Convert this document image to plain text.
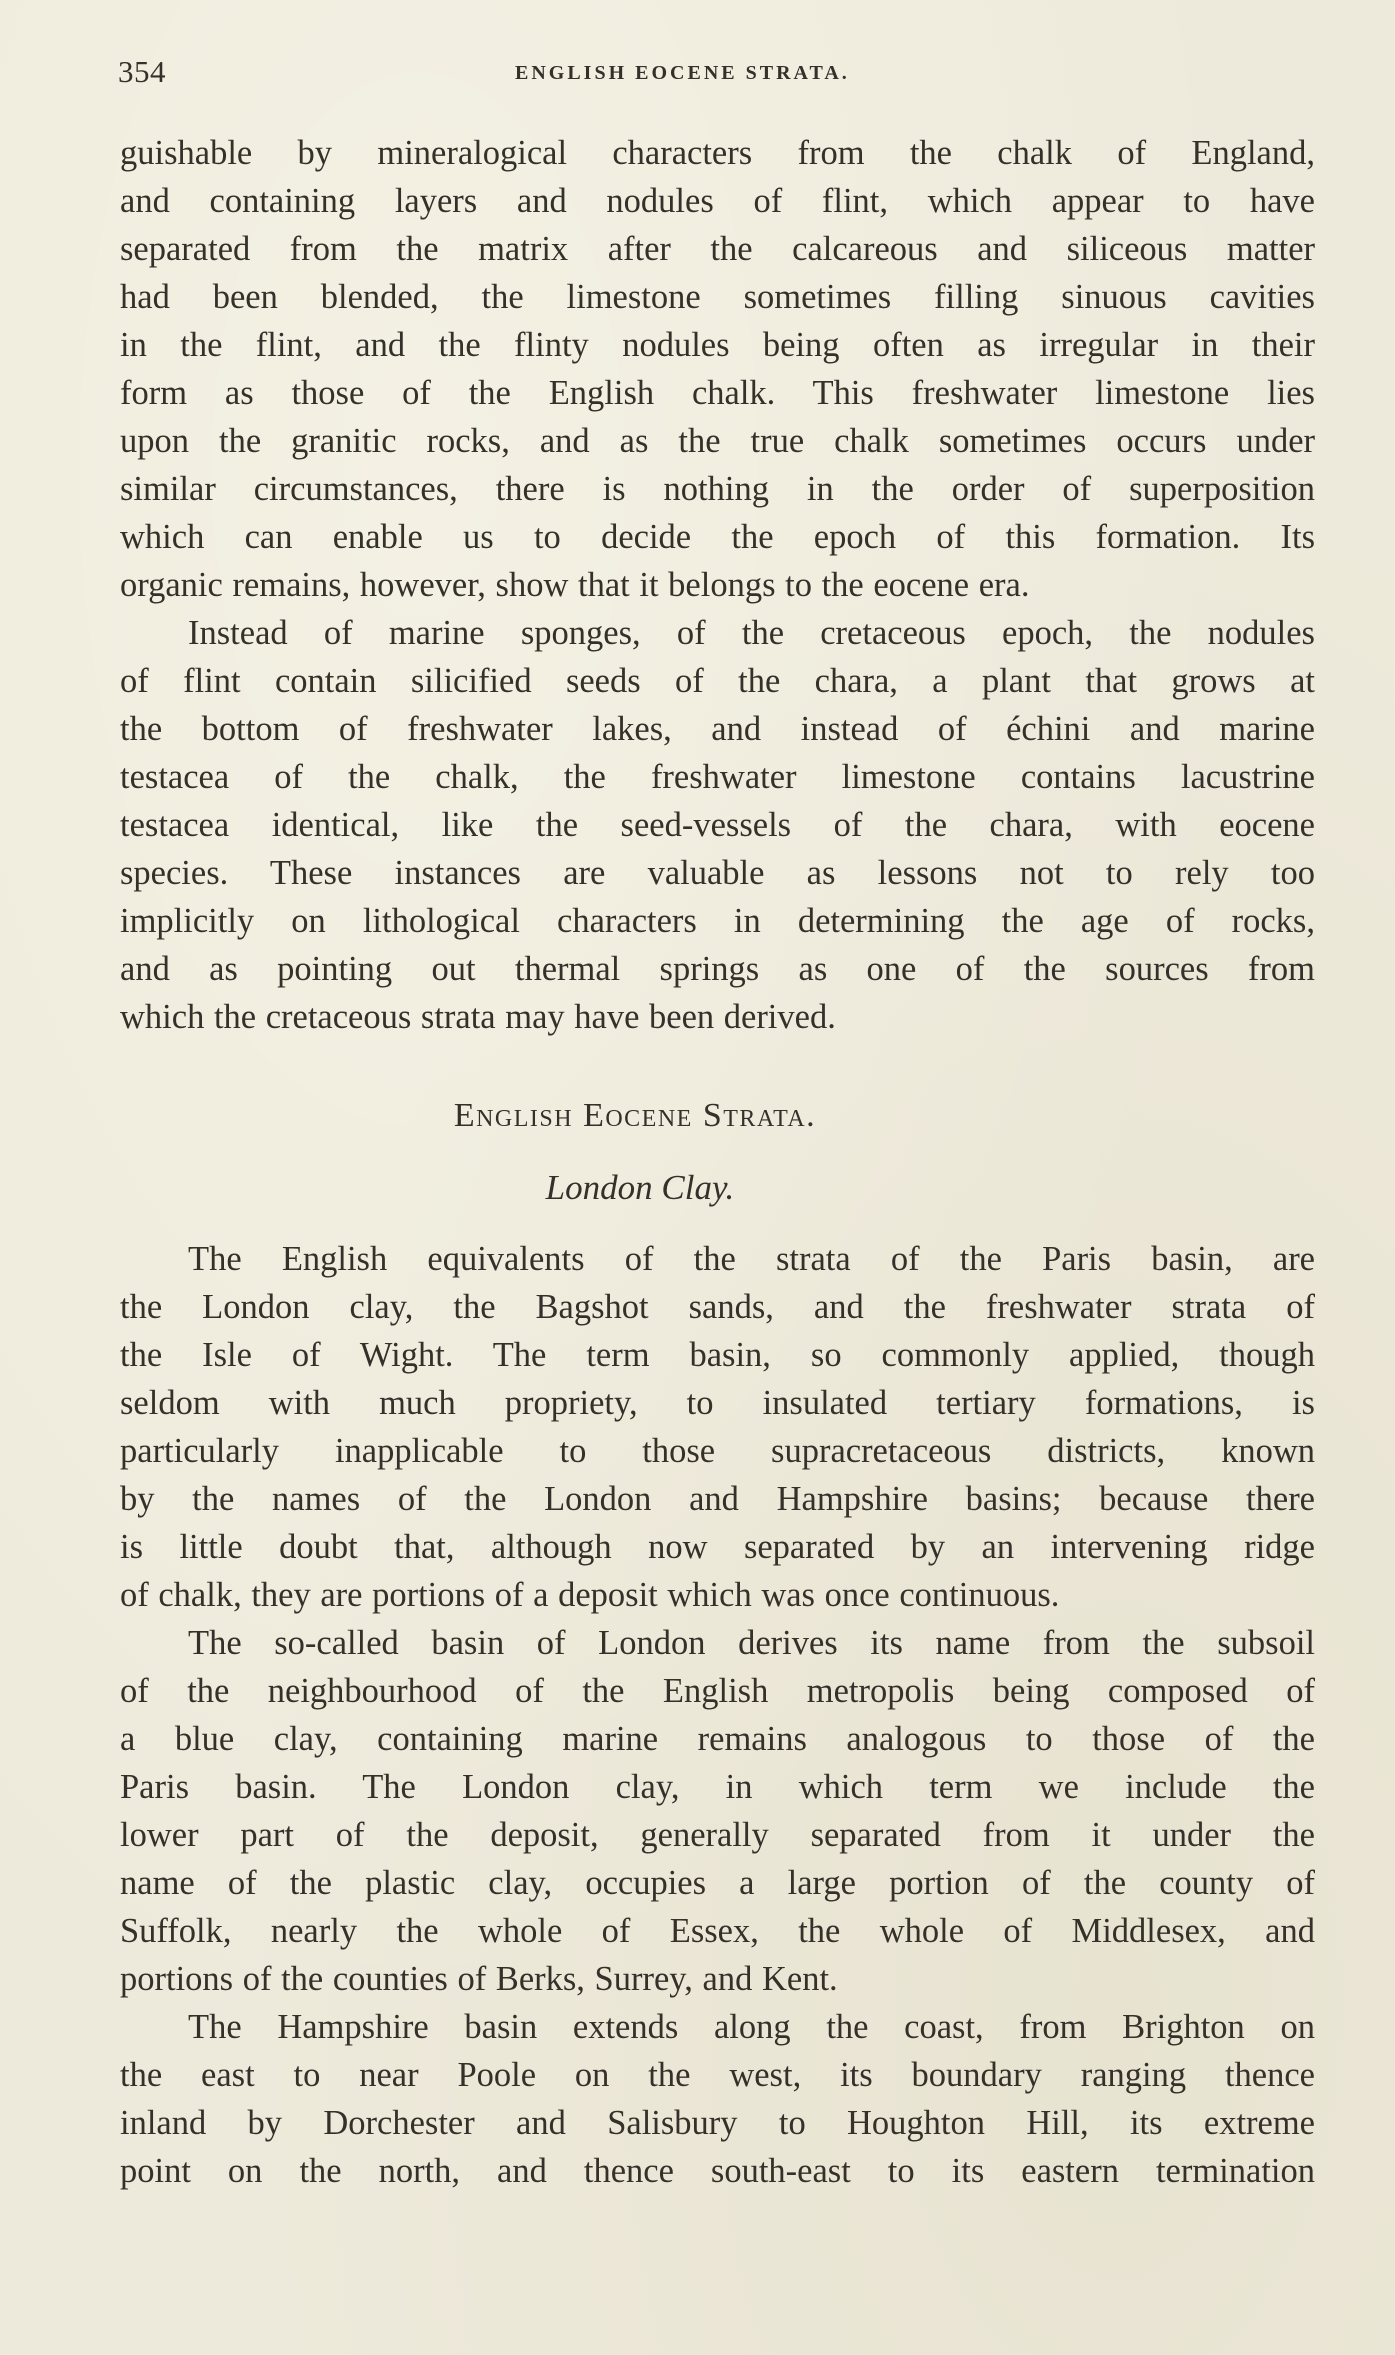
354	ENGLISH EOCENE STRATA.
guishable by mineralogical characters from the chalk of England,
and containing layers and nodules of flint, which appear to have
separated from the matrix after the calcareous and siliceous matter
had been blended, the limestone sometimes filling sinuous cavities
in the flint, and the flinty nodules being often as irregular in their
form as those of the English chalk. This freshwater limestone lies
upon the granitic rocks, and as the true chalk sometimes occurs under
similar circumstances, there is nothing in the order of superposition
which can enable us to decide the epoch of this formation. Its
organic remains, however, show that it belongs to the eocene era.
Instead of marine sponges, of the cretaceous epoch, the nodules
of flint contain silicified seeds of the chara, a plant that grows at
the bottom of freshwater lakes, and instead of échini and marine
testacea of the chalk, the freshwater limestone contains lacustrine
testacea identical, like the seed-vessels of the chara, with eocene
species. These instances are valuable as lessons not to rely too
implicitly on lithological characters in determining the age of rocks,
and as pointing out thermal springs as one of the sources from
which the cretaceous strata may have been derived.
English Eocene Strata.
London Clay.
The English equivalents of the strata of the Paris basin, are
the London clay, the Bagshot sands, and the freshwater strata of
the Isle of Wight. The term basin, so commonly applied, though
seldom with much propriety, to insulated tertiary formations, is
particularly inapplicable to those supracretaceous districts, known
by the names of the London and Hampshire basins; because there
is little doubt that, although now separated by an intervening ridge
of chalk, they are portions of a deposit which was once continuous.
The so-called basin of London derives its name from the subsoil
of the neighbourhood of the English metropolis being composed of
a blue clay, containing marine remains analogous to those of the
Paris basin. The London clay, in which term we include the
lower part of the deposit, generally separated from it under the
name of the plastic clay, occupies a large portion of the county of
Suffolk, nearly the whole of Essex, the whole of Middlesex, and
portions of the counties of Berks, Surrey, and Kent.
The Hampshire basin extends along the coast, from Brighton on
the east to near Poole on the west, its boundary ranging thence
inland by Dorchester and Salisbury to Houghton Hill, its extreme
point on the north, and thence south-east to its eastern termination
